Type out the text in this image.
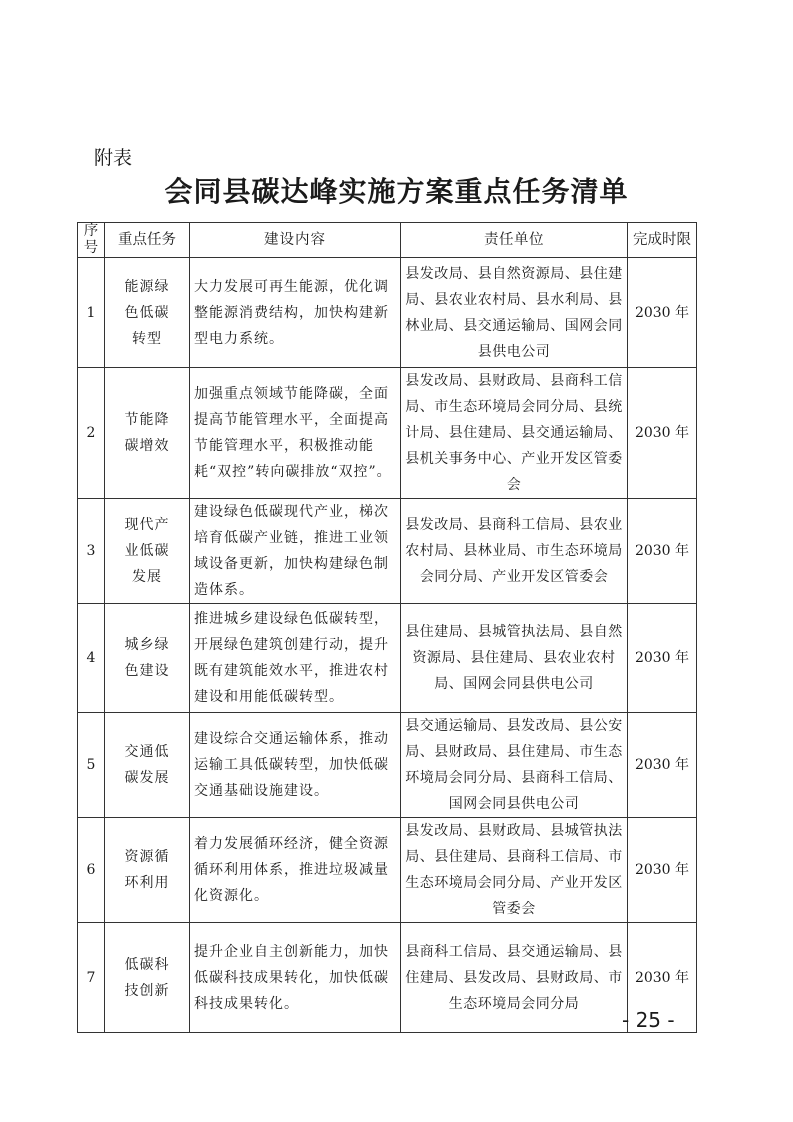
附表
会同县碳达峰实施方案重点任务清单
序号	重点任务	建设内容	责任单位	完成时限
1	能源绿色低碳转型	大力发展可再生能源，优化调整能源消费结构，加快构建新型电力系统。	县发改局、县自然资源局、县住建局、县农业农村局、县水利局、县林业局、县交通运输局、国网会同县供电公司	2030 年
2	节能降碳增效	加强重点领域节能降碳，全面提高节能管理水平，全面提高节能管理水平，积极推动能耗“双控”转向碳排放“双控”。	县发改局、县财政局、县商科工信局、市生态环境局会同分局、县统计局、县住建局、县交通运输局、县机关事务中心、产业开发区管委会	2030 年
3	现代产业低碳发展	建设绿色低碳现代产业，梯次培育低碳产业链，推进工业领域设备更新，加快构建绿色制造体系。	县发改局、县商科工信局、县农业农村局、县林业局、市生态环境局会同分局、产业开发区管委会	2030 年
4	城乡绿色建设	推进城乡建设绿色低碳转型，开展绿色建筑创建行动，提升既有建筑能效水平，推进农村建设和用能低碳转型。	县住建局、县城管执法局、县自然资源局、县住建局、县农业农村局、国网会同县供电公司	2030 年
5	交通低碳发展	建设综合交通运输体系，推动运输工具低碳转型，加快低碳交通基础设施建设。	县交通运输局、县发改局、县公安局、县财政局、县住建局、市生态环境局会同分局、县商科工信局、国网会同县供电公司	2030 年
6	资源循环利用	着力发展循环经济，健全资源循环利用体系，推进垃圾减量化资源化。	县发改局、县财政局、县城管执法局、县住建局、县商科工信局、市生态环境局会同分局、产业开发区管委会	2030 年
7	低碳科技创新	提升企业自主创新能力，加快低碳科技成果转化，加快低碳科技成果转化。	县商科工信局、县交通运输局、县住建局、县发改局、县财政局、市生态环境局会同分局	2030 年
- 25 -
